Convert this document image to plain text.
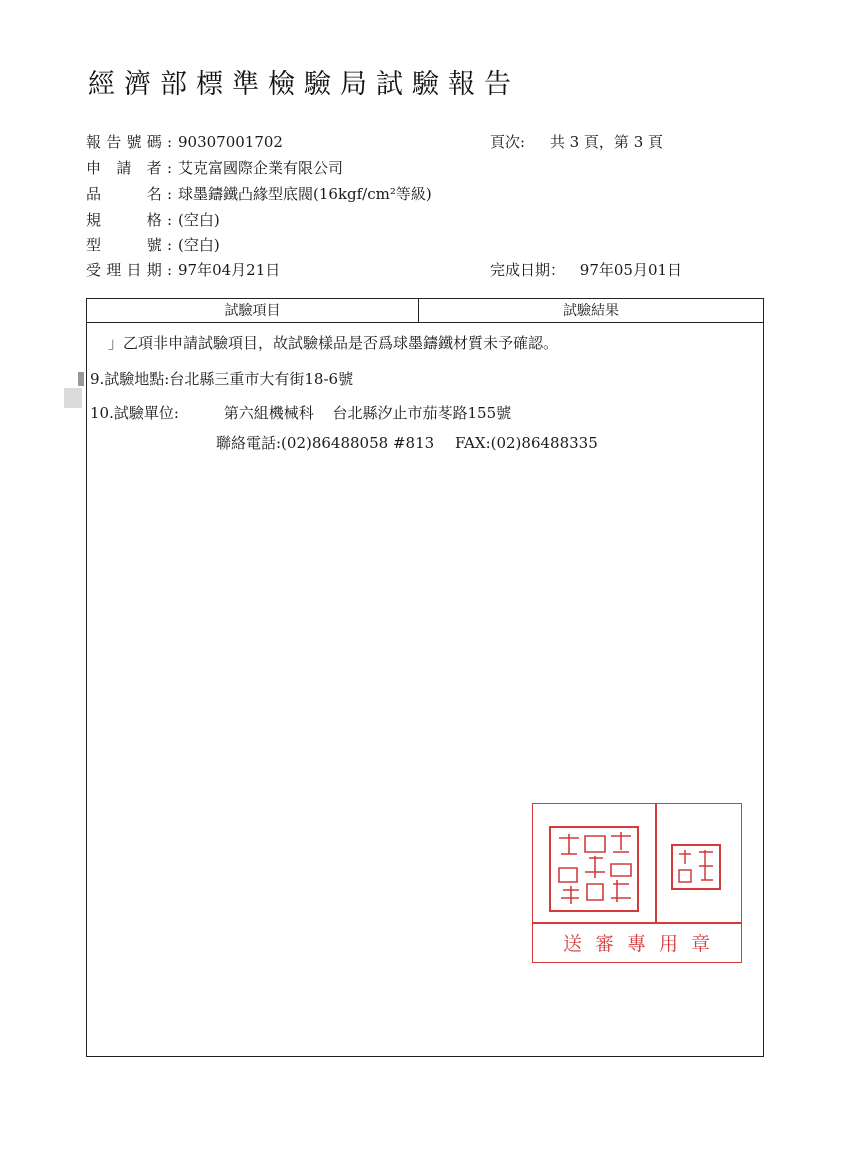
經濟部標準檢驗局試驗報告
報告號碼: 90307001702	頁次: 共 3 頁，第 3 頁
申 請 者: 艾克富國際企業有限公司
品　　名: 球墨鑄鐵凸緣型底閥(16kgf/cm²等級)
規　　格: (空白)
型　　號: (空白)
受理日期: 97年04月21日	完成日期： 97年05月01日
試驗項目	試驗結果
」乙項非申請試驗項目，故試驗樣品是否爲球墨鑄鐵材質未予確認。
9.試驗地點:台北縣三重市大有街18-6號
10.試驗單位:	第六組機械科 台北縣汐止市茄苳路155號
聯絡電話:(02)86488058 #813 FAX:(02)86488335
送審專用章
